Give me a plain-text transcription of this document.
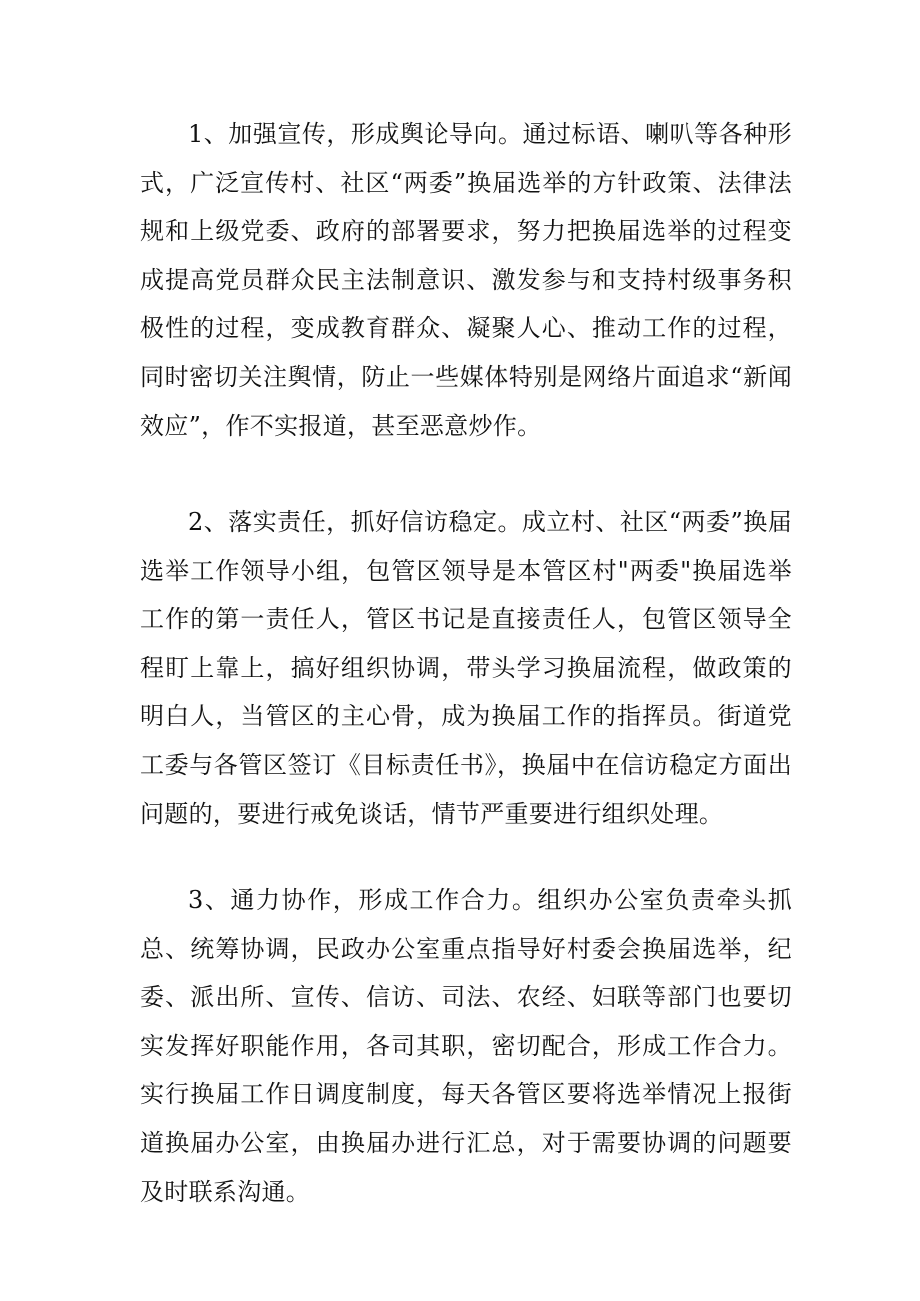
1、加强宣传，形成舆论导向。通过标语、喇叭等各种形式，广泛宣传村、社区“两委”换届选举的方针政策、法律法规和上级党委、政府的部署要求，努力把换届选举的过程变成提高党员群众民主法制意识、激发参与和支持村级事务积极性的过程，变成教育群众、凝聚人心、推动工作的过程，同时密切关注舆情，防止一些媒体特别是网络片面追求“新闻效应”，作不实报道，甚至恶意炒作。

2、落实责任，抓好信访稳定。成立村、社区“两委”换届选举工作领导小组，包管区领导是本管区村"两委"换届选举工作的第一责任人，管区书记是直接责任人，包管区领导全程盯上靠上，搞好组织协调，带头学习换届流程，做政策的明白人，当管区的主心骨，成为换届工作的指挥员。街道党工委与各管区签订《目标责任书》，换届中在信访稳定方面出问题的，要进行戒免谈话，情节严重要进行组织处理。

3、通力协作，形成工作合力。组织办公室负责牵头抓总、统筹协调，民政办公室重点指导好村委会换届选举，纪委、派出所、宣传、信访、司法、农经、妇联等部门也要切实发挥好职能作用，各司其职，密切配合，形成工作合力。实行换届工作日调度制度，每天各管区要将选举情况上报街道换届办公室，由换届办进行汇总，对于需要协调的问题要及时联系沟通。
